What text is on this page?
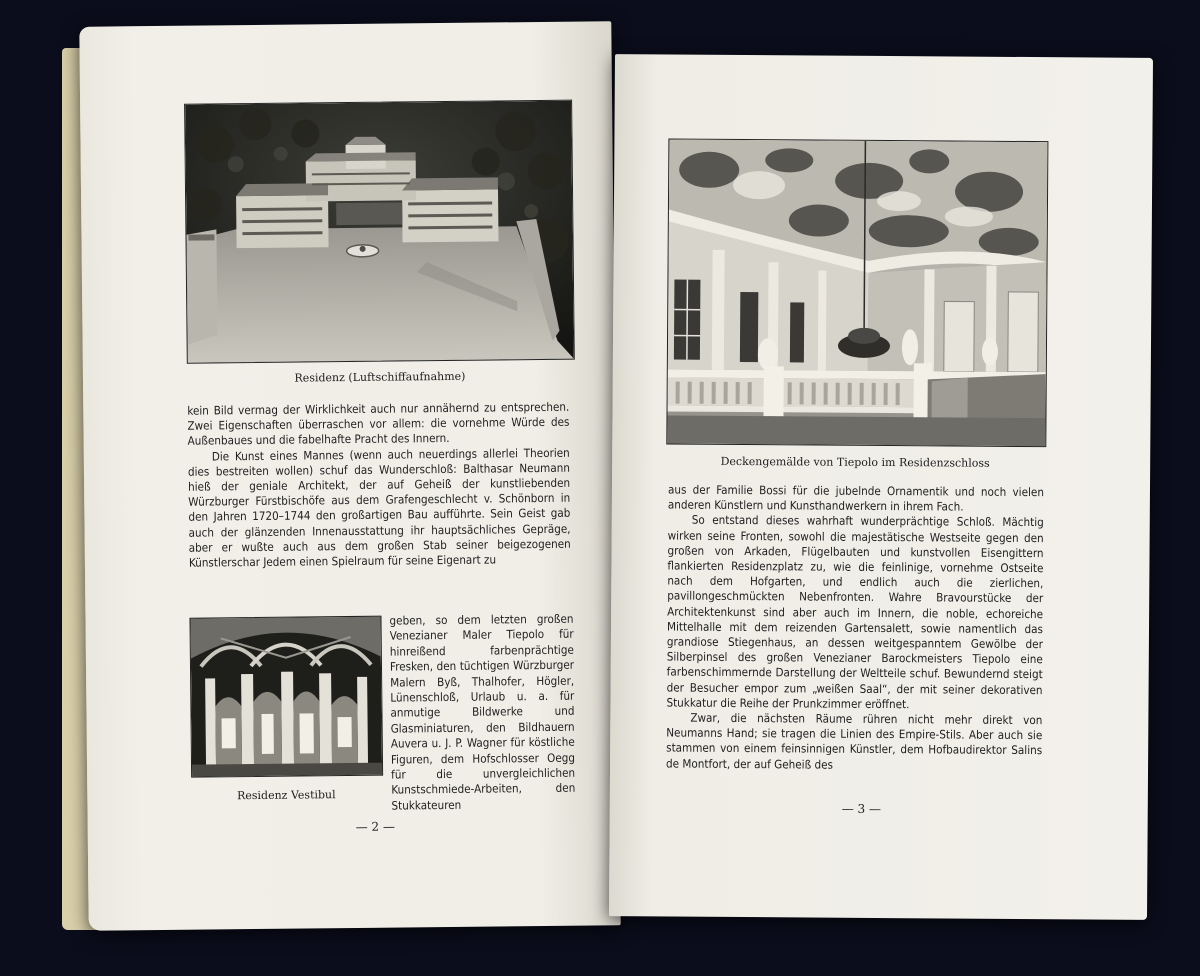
Residenz (Luftschiffaufnahme)

kein Bild vermag der Wirklichkeit auch nur annähernd zu entsprechen. Zwei Eigenschaften überraschen vor allem: die vornehme Würde des Außenbaues und die fabelhafte Pracht des Innern.

Die Kunst eines Mannes (wenn auch neuerdings allerlei Theorien dies bestreiten wollen) schuf das Wunderschloß: Balthasar Neumann hieß der geniale Architekt, der auf Geheiß der kunstliebenden Würzburger Fürstbischöfe aus dem Grafengeschlecht v. Schönborn in den Jahren 1720–1744 den großartigen Bau aufführte. Sein Geist gab auch der glänzenden Innenausstattung ihr hauptsächliches Gepräge, aber er wußte auch aus dem großen Stab seiner beigezogenen Künstlerschar Jedem einen Spielraum für seine Eigenart zu

Residenz Vestibul

geben, so dem letzten großen Venezianer Maler Tiepolo für hinreißend farbenprächtige Fresken, den tüchtigen Würzburger Malern Byß, Thalhofer, Högler, Lünenschloß, Urlaub u. a. für anmutige Bildwerke und Glasminiaturen, den Bildhauern Auvera u. J. P. Wagner für köstliche Figuren, dem Hofschlosser Oegg für die unvergleichlichen Kunstschmiede-Arbeiten, den Stukkateuren

— 2 —
Deckengemälde von Tiepolo im Residenzschloss

aus der Familie Bossi für die jubelnde Ornamentik und noch vielen anderen Künstlern und Kunsthandwerkern in ihrem Fach.

So entstand dieses wahrhaft wunderprächtige Schloß. Mächtig wirken seine Fronten, sowohl die majestätische Westseite gegen den großen von Arkaden, Flügelbauten und kunstvollen Eisengittern flankierten Residenzplatz zu, wie die feinlinige, vornehme Ostseite nach dem Hofgarten, und endlich auch die zierlichen, pavillongeschmückten Nebenfronten. Wahre Bravourstücke der Architektenkunst sind aber auch im Innern, die noble, echoreiche Mittelhalle mit dem reizenden Gartensalett, sowie namentlich das grandiose Stiegenhaus, an dessen weitgespanntem Gewölbe der Silberpinsel des großen Venezianer Barockmeisters Tiepolo eine farbenschimmernde Darstellung der Weltteile schuf. Bewundernd steigt der Besucher empor zum „weißen Saal“, der mit seiner dekorativen Stukkatur die Reihe der Prunkzimmer eröffnet.

Zwar, die nächsten Räume rühren nicht mehr direkt von Neumanns Hand; sie tragen die Linien des Empire-Stils. Aber auch sie stammen von einem feinsinnigen Künstler, dem Hofbaudirektor Salins de Montfort, der auf Geheiß des

— 3 —
